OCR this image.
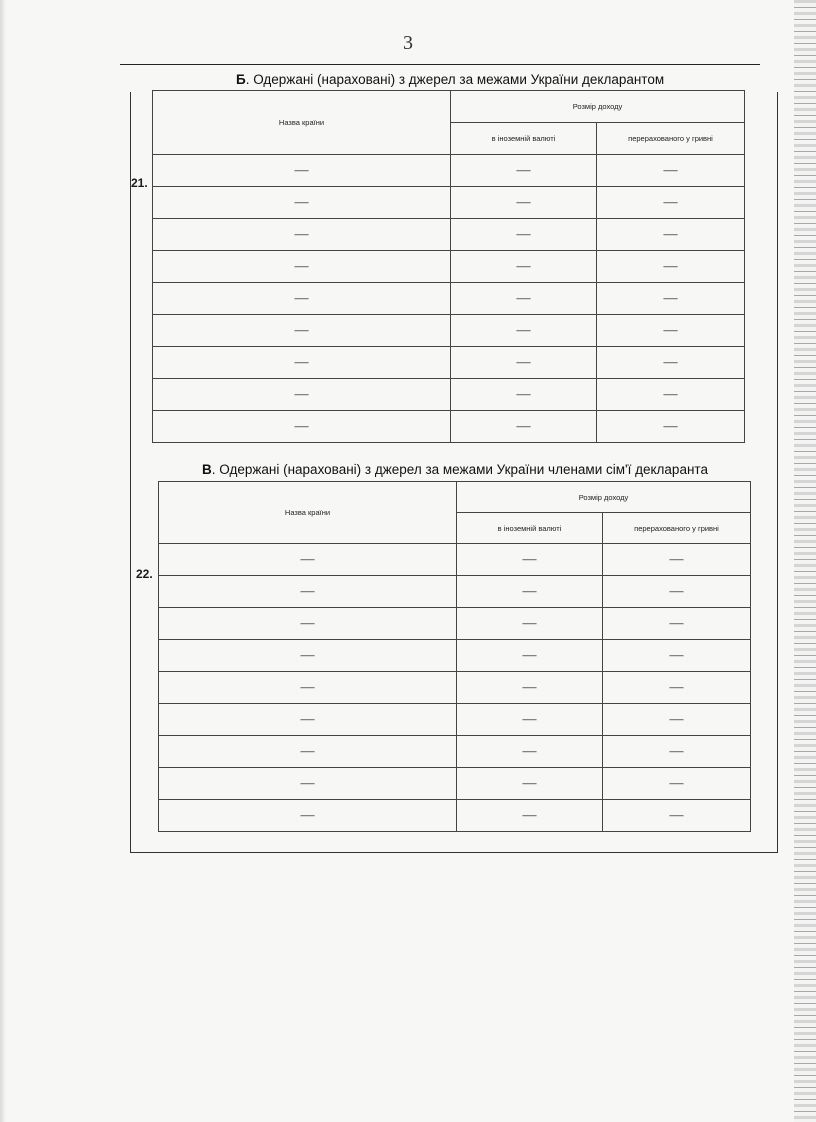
3
Б. Одержані (нараховані) з джерел за межами України декларантом
21.
Назва країни	Розмір доходу	
	в іноземній валюті	перерахованого у гривні
—	—	—
—	—	—
—	—	—
—	—	—
—	—	—
—	—	—
—	—	—
—	—	—
—	—	—
В. Одержані (нараховані) з джерел за межами України членами сім'ї декларанта
22.
Назва країни	Розмір доходу	
	в іноземній валюті	перерахованого у гривні
—	—	—
—	—	—
—	—	—
—	—	—
—	—	—
—	—	—
—	—	—
—	—	—
—	—	—
